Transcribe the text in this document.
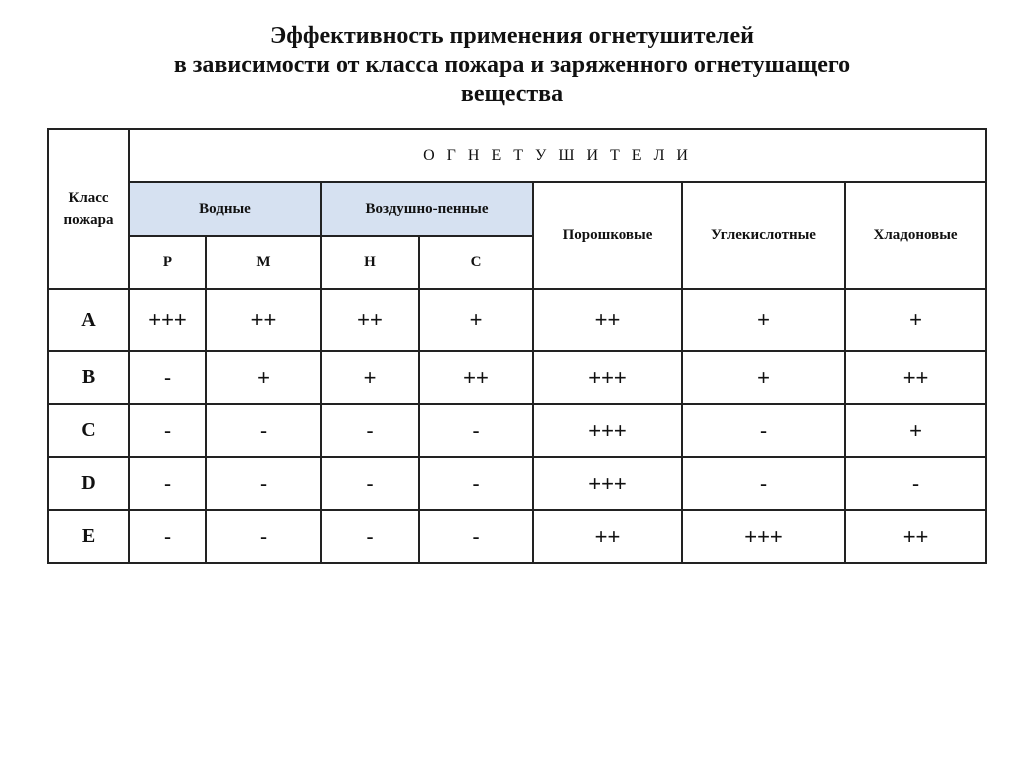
Эффективность применения огнетушителей
в зависимости от класса пожара и заряженного огнетушащего
вещества
Класс пожара	О Г Н Е Т У Ш И Т Е Л И						
	Водные		Воздушно-пенные		Порошковые	Углекислотные	Хладоновые
	Р	М	Н	С			
A	+++	++	++	+	++	+	+
B	-	+	+	++	+++	+	++
C	-	-	-	-	+++	-	+
D	-	-	-	-	+++	-	-
E	-	-	-	-	++	+++	++
